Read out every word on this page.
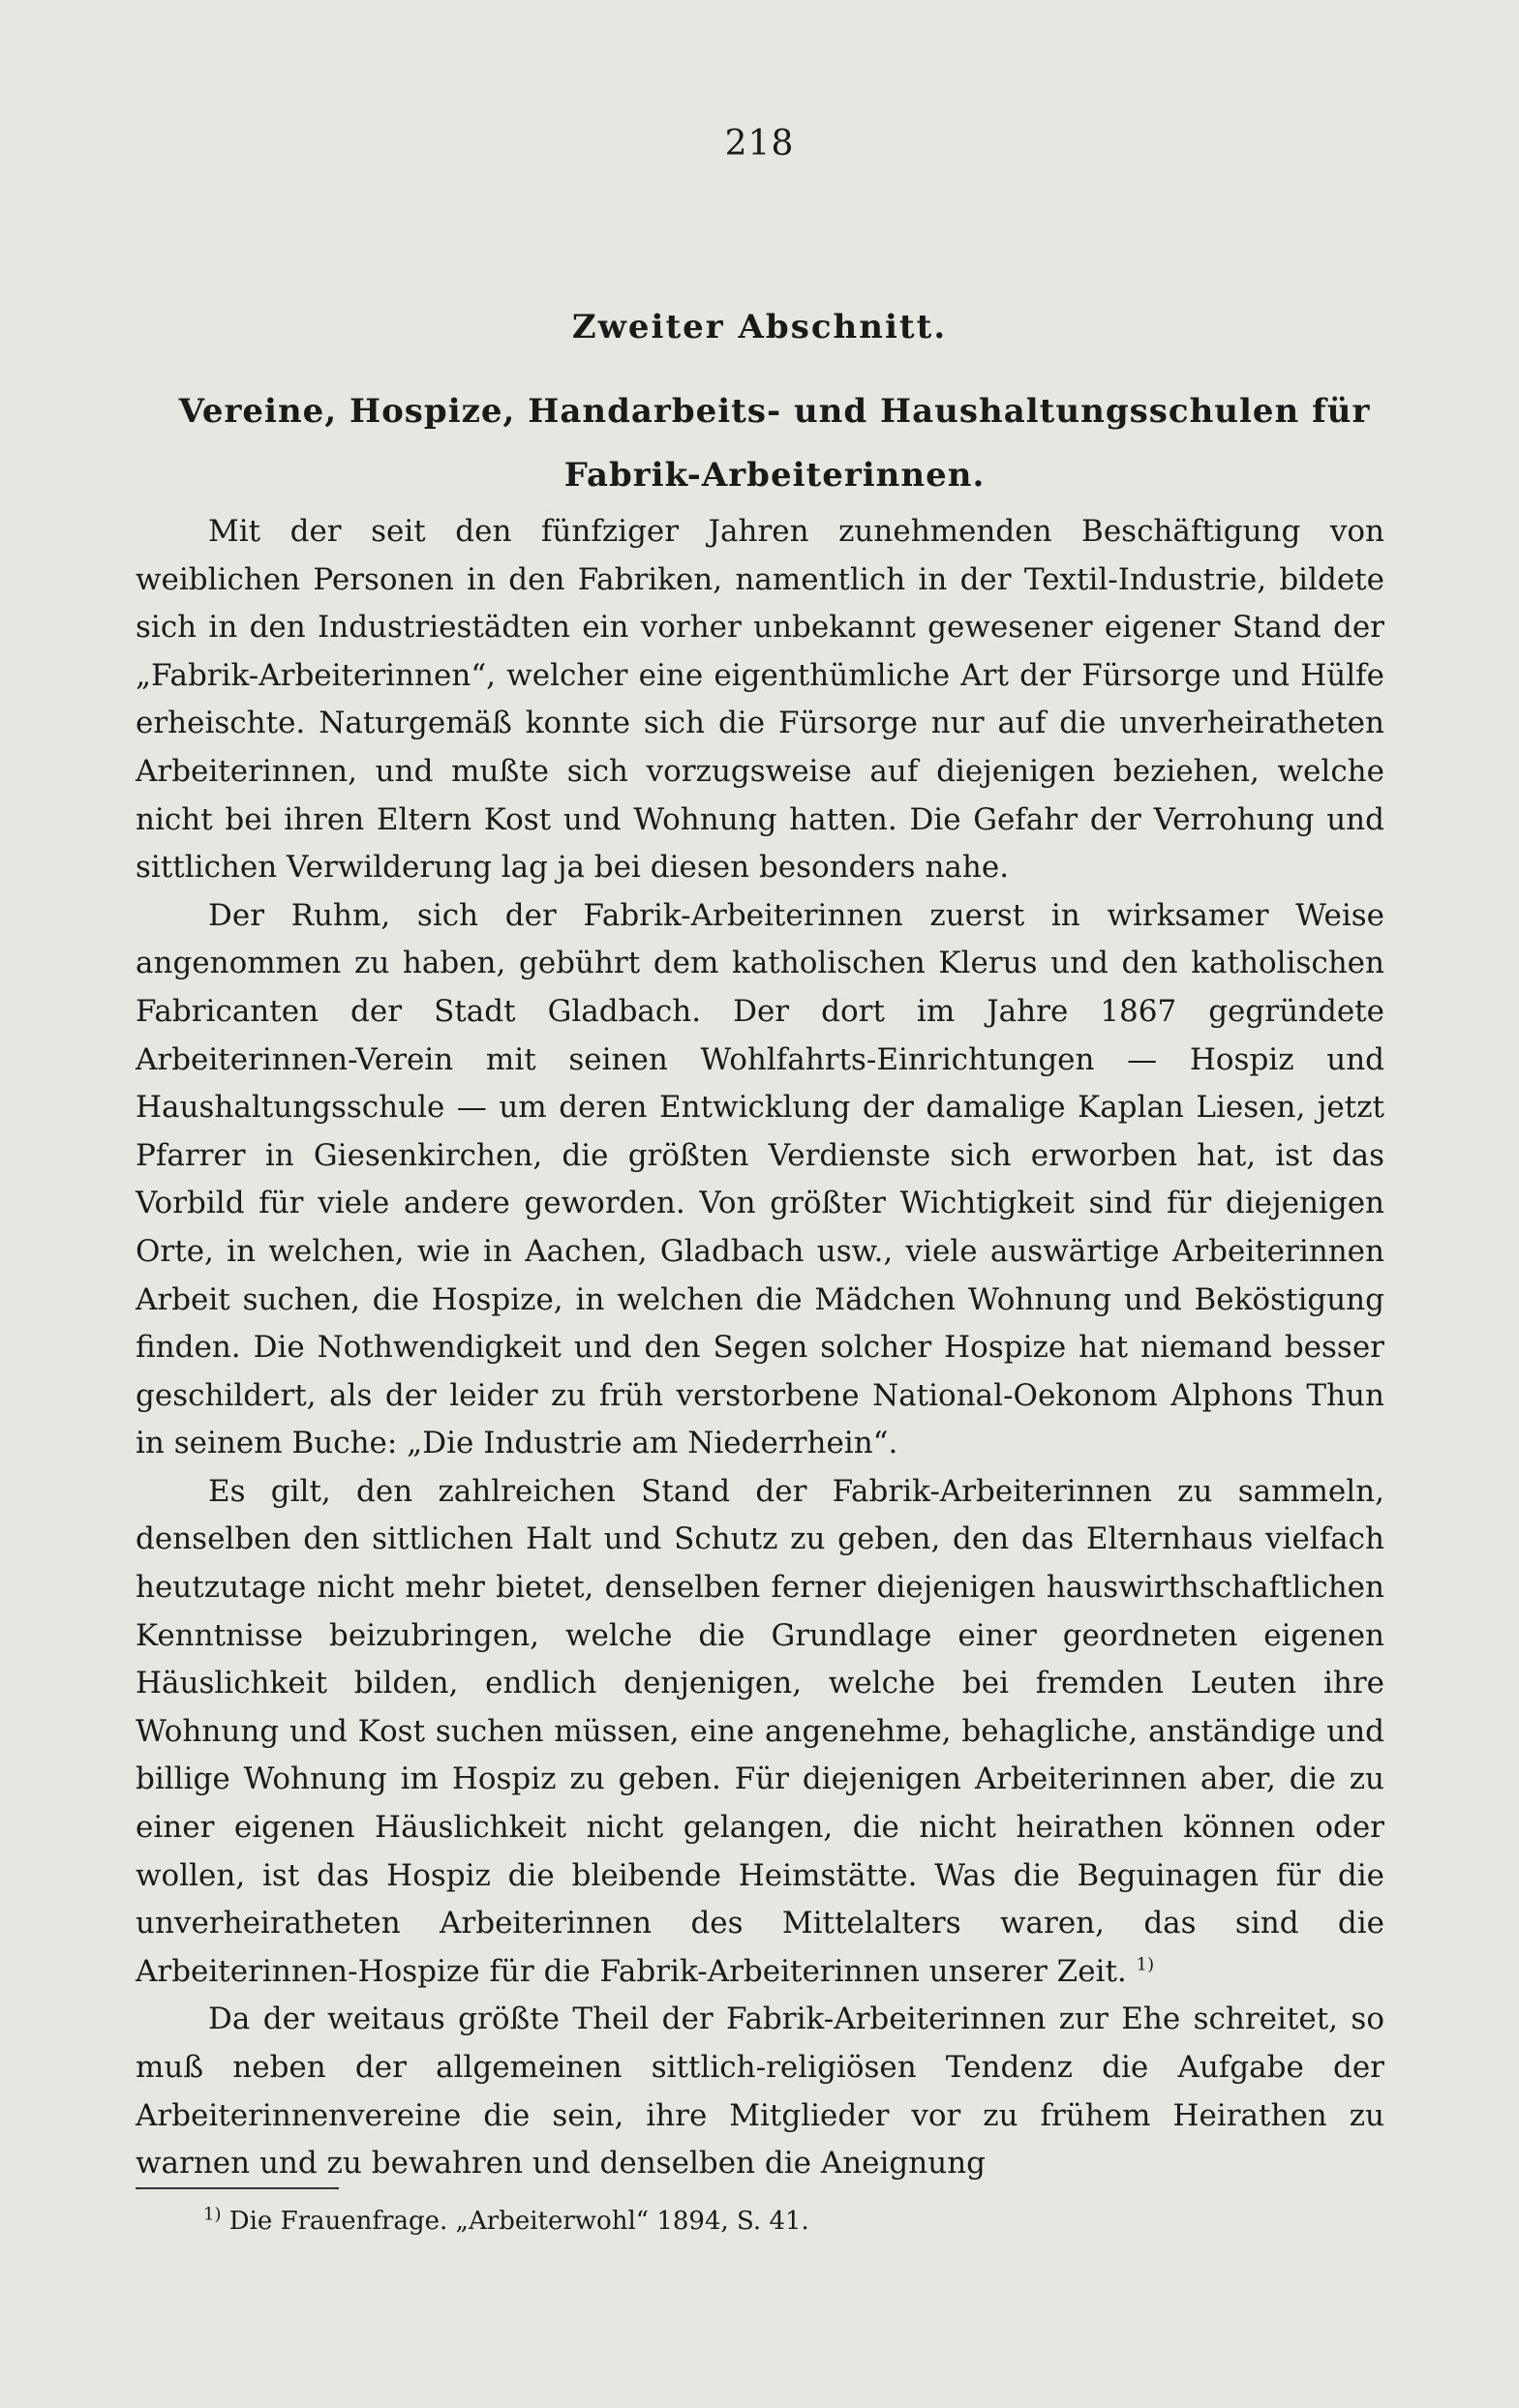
218
Zweiter Abschnitt.
Vereine, Hospize, Handarbeits- und Haushaltungsschulen für Fabrik-Arbeiterinnen.

Mit der seit den fünfziger Jahren zunehmenden Beschäftigung von weiblichen Personen in den Fabriken, namentlich in der Textil-Industrie, bildete sich in den Industriestädten ein vorher unbekannt gewesener eigener Stand der „Fabrik-Arbeiterinnen“, welcher eine eigenthümliche Art der Fürsorge und Hülfe erheischte. Naturgemäß konnte sich die Fürsorge nur auf die unverheiratheten Arbeiterinnen, und mußte sich vorzugsweise auf diejenigen beziehen, welche nicht bei ihren Eltern Kost und Wohnung hatten. Die Gefahr der Verrohung und sittlichen Verwilderung lag ja bei diesen besonders nahe.

Der Ruhm, sich der Fabrik-Arbeiterinnen zuerst in wirksamer Weise angenommen zu haben, gebührt dem katholischen Klerus und den katholischen Fabricanten der Stadt Gladbach. Der dort im Jahre 1867 gegründete Arbeiterinnen-Verein mit seinen Wohlfahrts-Einrichtungen — Hospiz und Haushaltungsschule — um deren Entwicklung der damalige Kaplan Liesen, jetzt Pfarrer in Giesenkirchen, die größten Verdienste sich erworben hat, ist das Vorbild für viele andere geworden. Von größter Wichtigkeit sind für diejenigen Orte, in welchen, wie in Aachen, Gladbach usw., viele auswärtige Arbeiterinnen Arbeit suchen, die Hospize, in welchen die Mädchen Wohnung und Beköstigung finden. Die Nothwendigkeit und den Segen solcher Hospize hat niemand besser geschildert, als der leider zu früh verstorbene National-Oekonom Alphons Thun in seinem Buche: „Die Industrie am Niederrhein“.

Es gilt, den zahlreichen Stand der Fabrik-Arbeiterinnen zu sammeln, denselben den sittlichen Halt und Schutz zu geben, den das Elternhaus vielfach heutzutage nicht mehr bietet, denselben ferner diejenigen hauswirthschaftlichen Kenntnisse beizubringen, welche die Grundlage einer geordneten eigenen Häuslichkeit bilden, endlich denjenigen, welche bei fremden Leuten ihre Wohnung und Kost suchen müssen, eine angenehme, behagliche, anständige und billige Wohnung im Hospiz zu geben. Für diejenigen Arbeiterinnen aber, die zu einer eigenen Häuslichkeit nicht gelangen, die nicht heirathen können oder wollen, ist das Hospiz die bleibende Heimstätte. Was die Beguinagen für die unverheiratheten Arbeiterinnen des Mittelalters waren, das sind die Arbeiterinnen-Hospize für die Fabrik-Arbeiterinnen unserer Zeit. $^{1)}$

Da der weitaus größte Theil der Fabrik-Arbeiterinnen zur Ehe schreitet, so muß neben der allgemeinen sittlich-religiösen Tendenz die Aufgabe der Arbeiterinnenvereine die sein, ihre Mitglieder vor zu frühem Heirathen zu warnen und zu bewahren und denselben die Aneignung

$^{1)}$ Die Frauenfrage. „Arbeiterwohl“ 1894, S. 41.
